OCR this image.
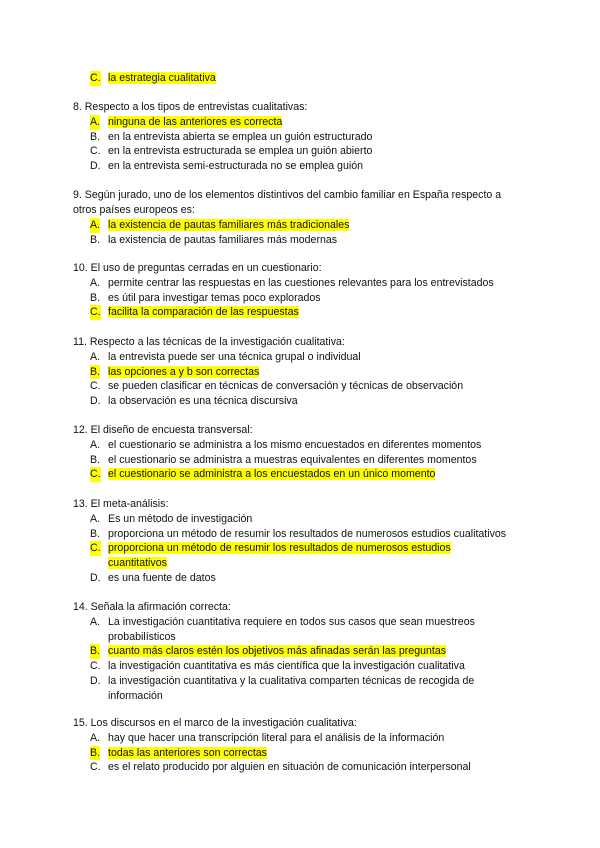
C. la estrategia cualitativa

8. Respecto a los tipos de entrevistas cualitativas:

A. ninguna de las anteriores es correcta
B. en la entrevista abierta se emplea un guión estructurado
C. en la entrevista estructurada se emplea un guión abierto
D. en la entrevista semi-estructurada no se emplea guión

9. Según jurado, uno de los elementos distintivos del cambio familiar en España respecto a

otros países europeos es:

A. la existencia de pautas familiares más tradicionales
B. la existencia de pautas familiares más modernas

10. El uso de preguntas cerradas en un cuestionario:

A. permite centrar las respuestas en las cuestiones relevantes para los entrevistados
B. es útil para investigar temas poco explorados
C. facilita la comparación de las respuestas

11. Respecto a las técnicas de la investigación cualitativa:

A. la entrevista puede ser una técnica grupal o individual
B. las opciones a y b son correctas
C. se pueden clasificar en técnicas de conversación y técnicas de observación
D. la observación es una técnica discursiva

12. El diseño de encuesta transversal:

A. el cuestionario se administra a los mismo encuestados en diferentes momentos
B. el cuestionario se administra a muestras equivalentes en diferentes momentos
C. el cuestionario se administra a los encuestados en un único momento

13. El meta-análisis:

A. Es un método de investigación
B. proporciona un método de resumir los resultados de numerosos estudios cualitativos
C. proporciona un método de resumir los resultados de numerosos estudios
cuantitativos
D. es una fuente de datos

14. Señala la afirmación correcta:

A. La investigación cuantitativa requiere en todos sus casos que sean muestreos
probabilísticos
B. cuanto más claros estén los objetivos más afinadas serán las preguntas
C. la investigación cuantitativa es más científica que la investigación cualitativa
D. la investigación cuantitativa y la cualitativa comparten técnicas de recogida de
información

15. Los discursos en el marco de la investigación cualitativa:

A. hay que hacer una transcripción literal para el análisis de la información
B. todas las anteriores son correctas
C. es el relato producido por alguien en situación de comunicación interpersonal
